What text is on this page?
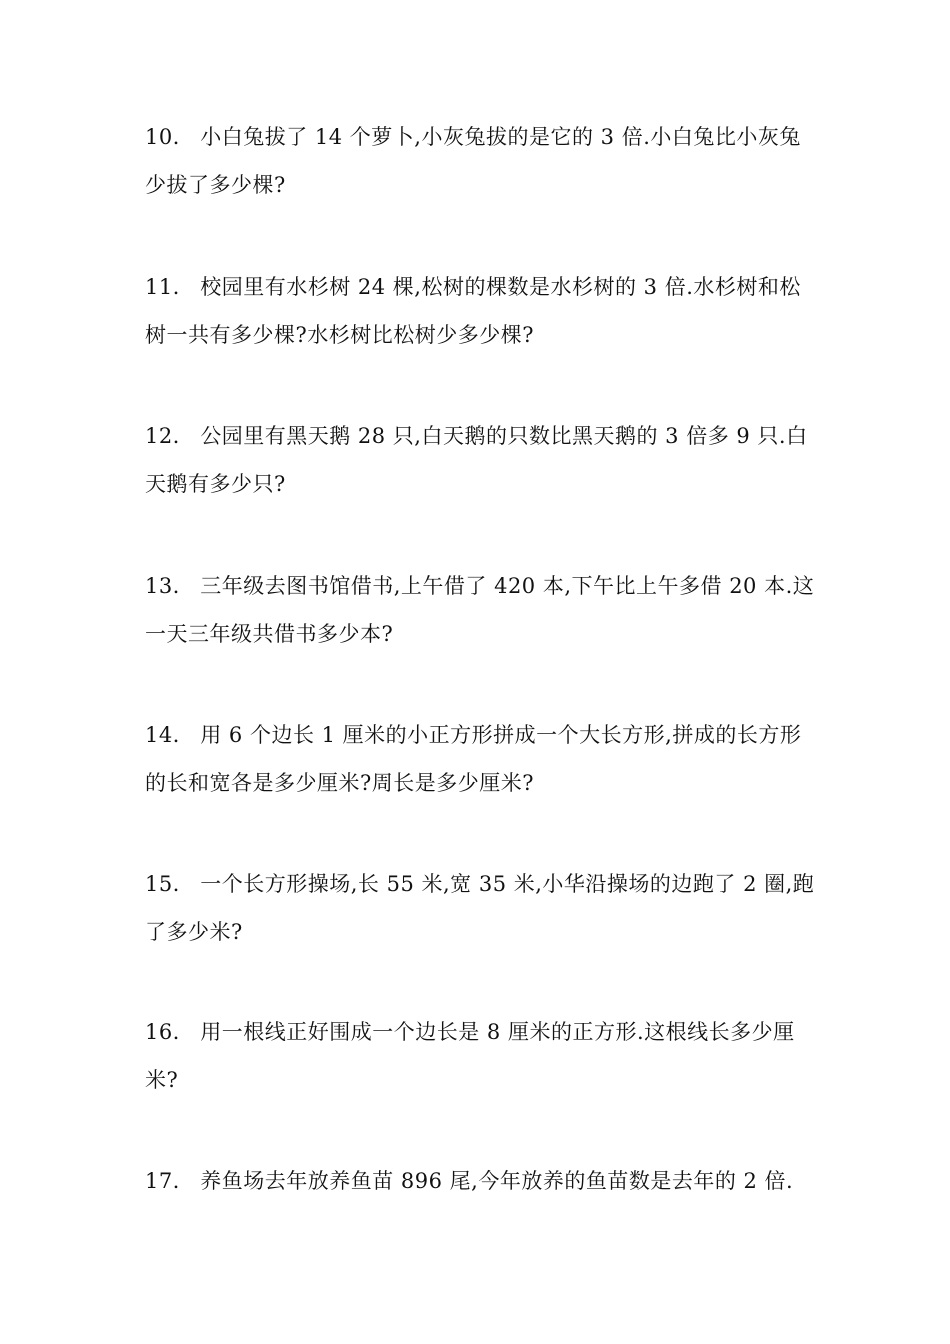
10． 小白兔拔了 14 个萝卜,小灰兔拔的是它的 3 倍.小白兔比小灰兔少拔了多少棵?

11． 校园里有水杉树 24 棵,松树的棵数是水杉树的 3 倍.水杉树和松树一共有多少棵?水杉树比松树少多少棵?

12． 公园里有黑天鹅 28 只,白天鹅的只数比黑天鹅的 3 倍多 9 只.白天鹅有多少只?

13． 三年级去图书馆借书,上午借了 420 本,下午比上午多借 20 本.这一天三年级共借书多少本?

14． 用 6 个边长 1 厘米的小正方形拼成一个大长方形,拼成的长方形的长和宽各是多少厘米?周长是多少厘米?

15． 一个长方形操场,长 55 米,宽 35 米,小华沿操场的边跑了 2 圈,跑了多少米?

16． 用一根线正好围成一个边长是 8 厘米的正方形.这根线长多少厘米?

17． 养鱼场去年放养鱼苗 896 尾,今年放养的鱼苗数是去年的 2 倍.
